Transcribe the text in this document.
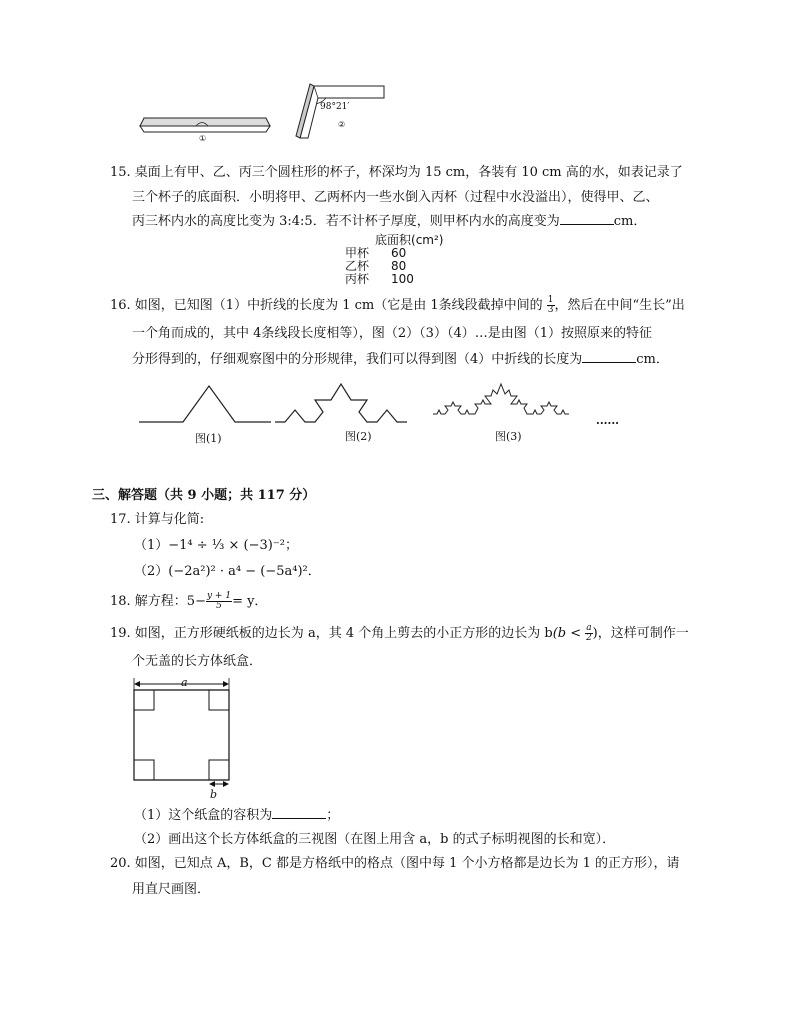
①
②
98°21′
15. 桌面上有甲、乙、丙三个圆柱形的杯子，杯深均为 15 cm，各装有 10 cm 高的水，如表记录了
三个杯子的底面积．小明将甲、乙两杯内一些水倒入丙杯（过程中水没溢出），使得甲、乙、
丙三杯内水的高度比变为 3:4:5．若不计杯子厚度，则甲杯内水的高度变为	cm．
	底面积(cm²)
甲杯	60
乙杯	80
丙杯	100
16. 如图，已知图（1）中折线的长度为 1 cm（它是由 1条线段截掉中间的 $\frac{1}{3}$ ，然后在中间“生长”出
一个角而成的，其中 4条线段长度相等），图（2）（3）（4）…是由图（1）按照原来的特征
分形得到的，仔细观察图中的分形规律，我们可以得到图（4）中折线的长度为	cm．
图(1)	图(2)	图(3)
......
三、解答题（共 9 小题；共 117 分）
17. 计算与化简:
（1）−1⁴ ÷ ⅓ × (−3)⁻²；
（2）(−2a²)² · a⁴ − (−5a⁴)²．
18. 解方程：$5- \frac{y + 1}{5} = y$．
19. 如图，正方形硬纸板的边长为 a，其 4 个角上剪去的小正方形的边长为 $b(b < \frac{a}{2}$ )，这样可制作一
个无盖的长方体纸盒．
a
b
（1）这个纸盒的容积为	；
（2）画出这个长方体纸盒的三视图（在图上用含 a，b 的式子标明视图的长和宽）．
20. 如图，已知点 A，B，C 都是方格纸中的格点（图中每 1 个小方格都是边长为 1 的正方形），请
用直尺画图．
